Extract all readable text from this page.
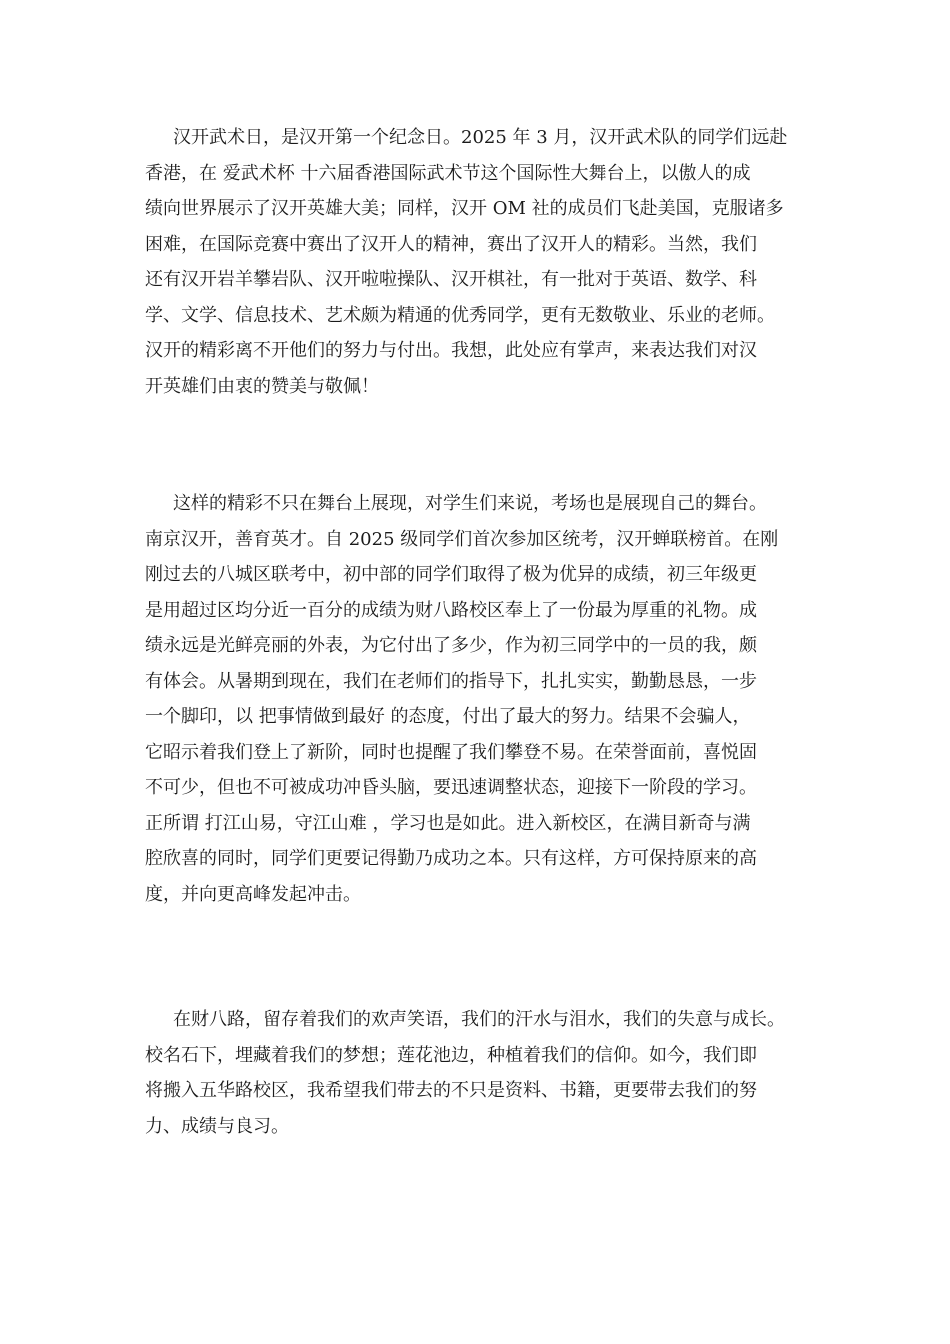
汉开武术日，是汉开第一个纪念日。2025 年 3 月，汉开武术队的同学们远赴
香港，在 爱武术杯 十六届香港国际武术节这个国际性大舞台上，以傲人的成
绩向世界展示了汉开英雄大美；同样，汉开 OM 社的成员们飞赴美国，克服诸多
困难，在国际竞赛中赛出了汉开人的精神，赛出了汉开人的精彩。当然，我们
还有汉开岩羊攀岩队、汉开啦啦操队、汉开棋社，有一批对于英语、数学、科
学、文学、信息技术、艺术颇为精通的优秀同学，更有无数敬业、乐业的老师。
汉开的精彩离不开他们的努力与付出。我想，此处应有掌声，来表达我们对汉
开英雄们由衷的赞美与敬佩！
这样的精彩不只在舞台上展现，对学生们来说，考场也是展现自己的舞台。
南京汉开，善育英才。自 2025 级同学们首次参加区统考，汉开蝉联榜首。在刚
刚过去的八城区联考中，初中部的同学们取得了极为优异的成绩，初三年级更
是用超过区均分近一百分的成绩为财八路校区奉上了一份最为厚重的礼物。成
绩永远是光鲜亮丽的外表，为它付出了多少，作为初三同学中的一员的我，颇
有体会。从暑期到现在，我们在老师们的指导下，扎扎实实，勤勤恳恳，一步
一个脚印，以 把事情做到最好 的态度，付出了最大的努力。结果不会骗人，
它昭示着我们登上了新阶，同时也提醒了我们攀登不易。在荣誉面前，喜悦固
不可少，但也不可被成功冲昏头脑，要迅速调整状态，迎接下一阶段的学习。
正所谓 打江山易，守江山难 ，学习也是如此。进入新校区，在满目新奇与满
腔欣喜的同时，同学们更要记得勤乃成功之本。只有这样，方可保持原来的高
度，并向更高峰发起冲击。
在财八路，留存着我们的欢声笑语，我们的汗水与泪水，我们的失意与成长。
校名石下，埋藏着我们的梦想；莲花池边，种植着我们的信仰。如今，我们即
将搬入五华路校区，我希望我们带去的不只是资料、书籍，更要带去我们的努
力、成绩与良习。
